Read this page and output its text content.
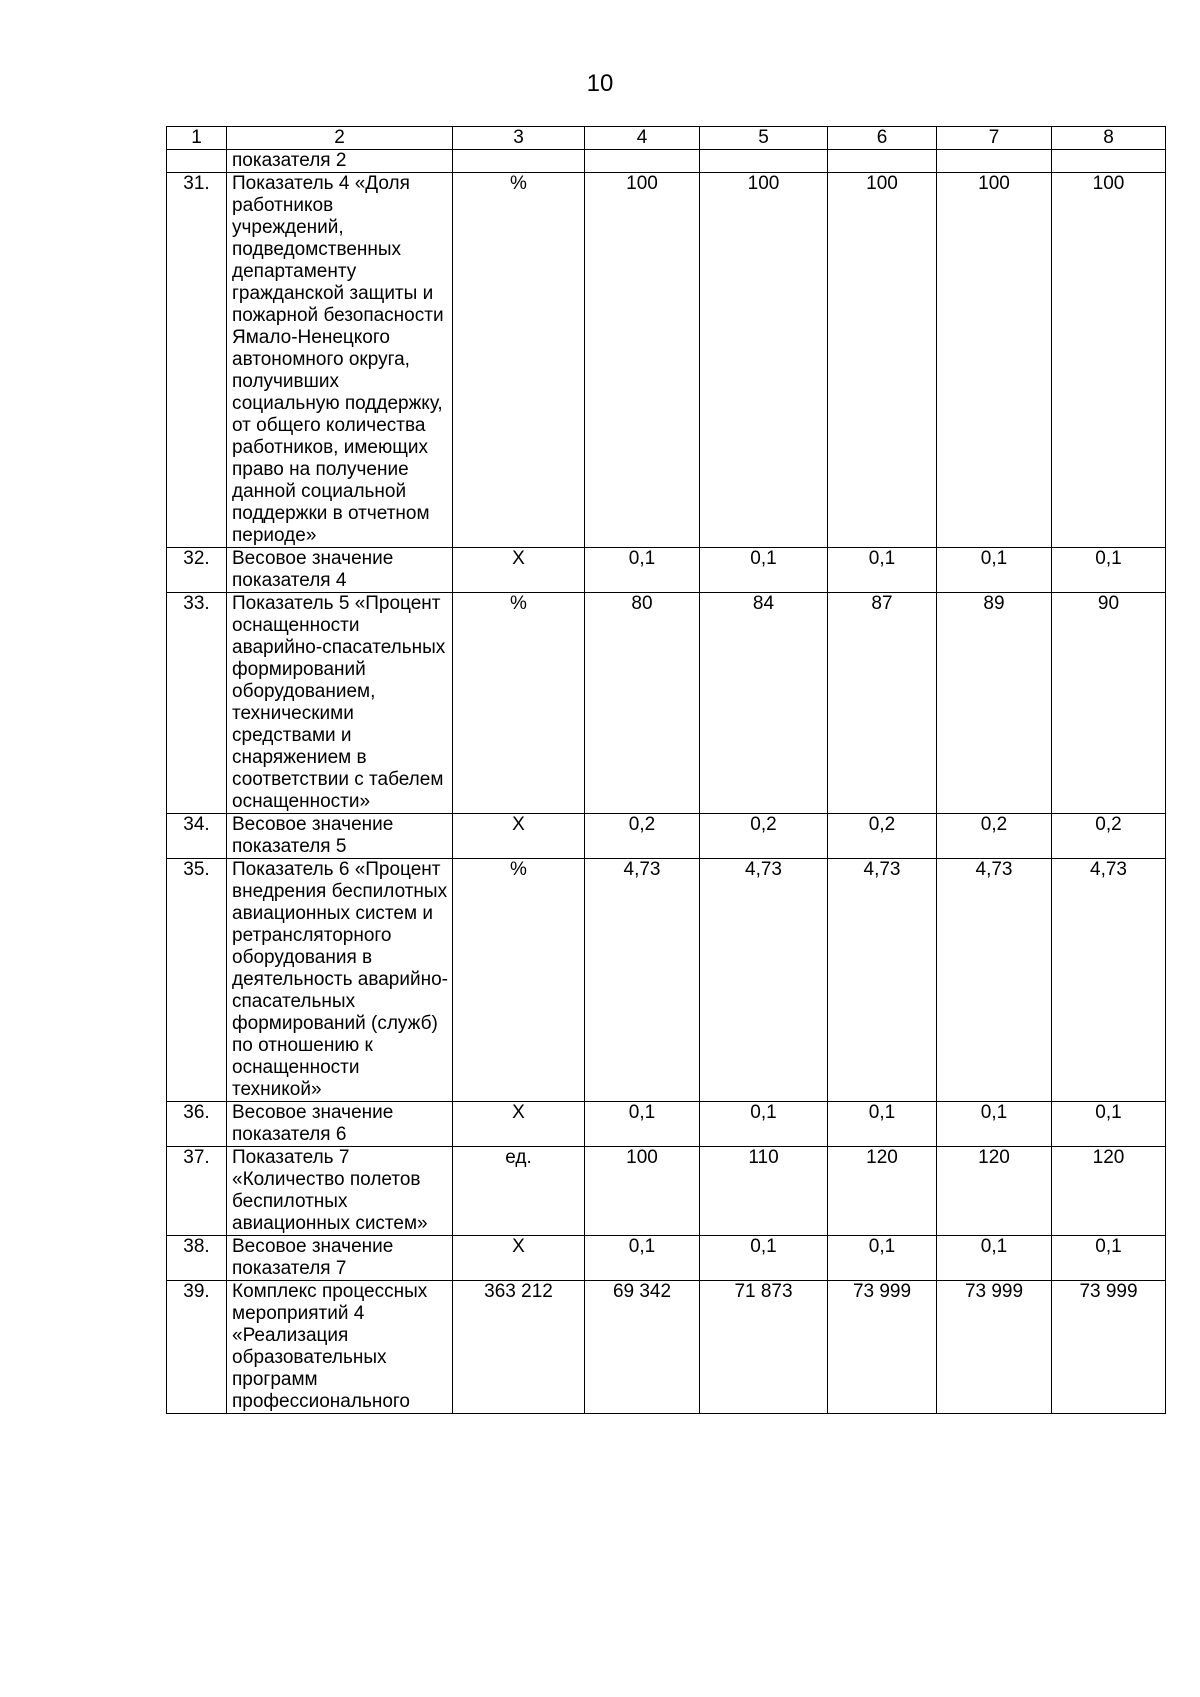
10
1	2	3	4	5	6	7	8
	показателя 2						
31.	Показатель 4 «Доля работников учреждений, подведомственных департаменту гражданской защиты и пожарной безопасности Ямало-Ненецкого автономного округа, получивших социальную поддержку, от общего количества работников, имеющих право на получение данной социальной поддержки в отчетном периоде»	%	100	100	100	100	100
32.	Весовое значение показателя 4	Х	0,1	0,1	0,1	0,1	0,1
33.	Показатель 5 «Процент оснащенности аварийно-спасательных формирований оборудованием, техническими средствами и снаряжением в соответствии с табелем оснащенности»	%	80	84	87	89	90
34.	Весовое значение показателя 5	Х	0,2	0,2	0,2	0,2	0,2
35.	Показатель 6 «Процент внедрения беспилотных авиационных систем и ретрансляторного оборудования в деятельность аварийно-спасательных формирований (служб) по отношению к оснащенности техникой»	%	4,73	4,73	4,73	4,73	4,73
36.	Весовое значение показателя 6	Х	0,1	0,1	0,1	0,1	0,1
37.	Показатель 7 «Количество полетов беспилотных авиационных систем»	ед.	100	110	120	120	120
38.	Весовое значение показателя 7	Х	0,1	0,1	0,1	0,1	0,1
39.	Комплекс процессных мероприятий 4 «Реализация образовательных программ профессионального	363 212	69 342	71 873	73 999	73 999	73 999
